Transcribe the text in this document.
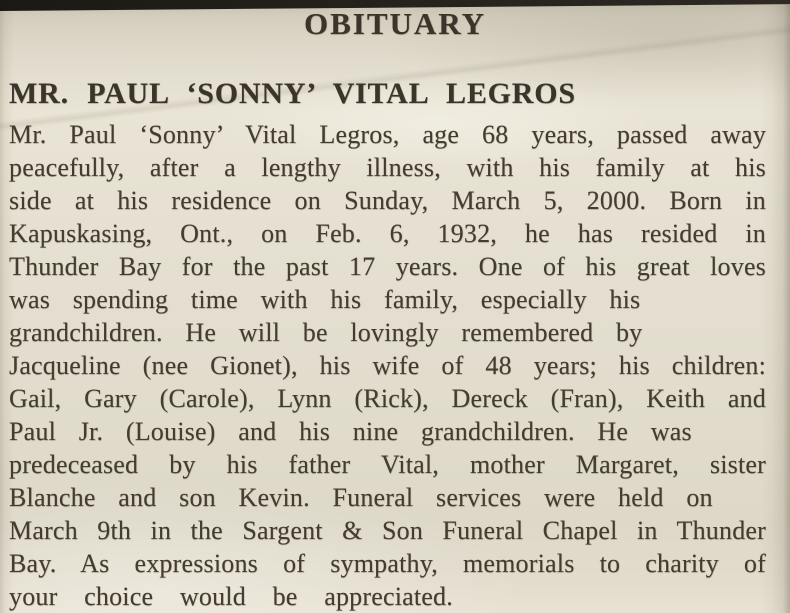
OBITUARY
MR. PAUL ‘SONNY’ VITAL LEGROS
Mr. Paul ‘Sonny’ Vital Legros, age 68 years, passed away
peacefully, after a lengthy illness, with his family at his
side at his residence on Sunday, March 5, 2000. Born in
Kapuskasing, Ont., on Feb. 6, 1932, he has resided in
Thunder Bay for the past 17 years. One of his great loves
was spending time with his family, especially his
grandchildren. He will be lovingly remembered by
Jacqueline (nee Gionet), his wife of 48 years; his children:
Gail, Gary (Carole), Lynn (Rick), Dereck (Fran), Keith and
Paul Jr. (Louise) and his nine grandchildren. He was
predeceased by his father Vital, mother Margaret, sister
Blanche and son Kevin. Funeral services were held on
March 9th in the Sargent & Son Funeral Chapel in Thunder
Bay. As expressions of sympathy, memorials to charity of
your choice would be appreciated.
